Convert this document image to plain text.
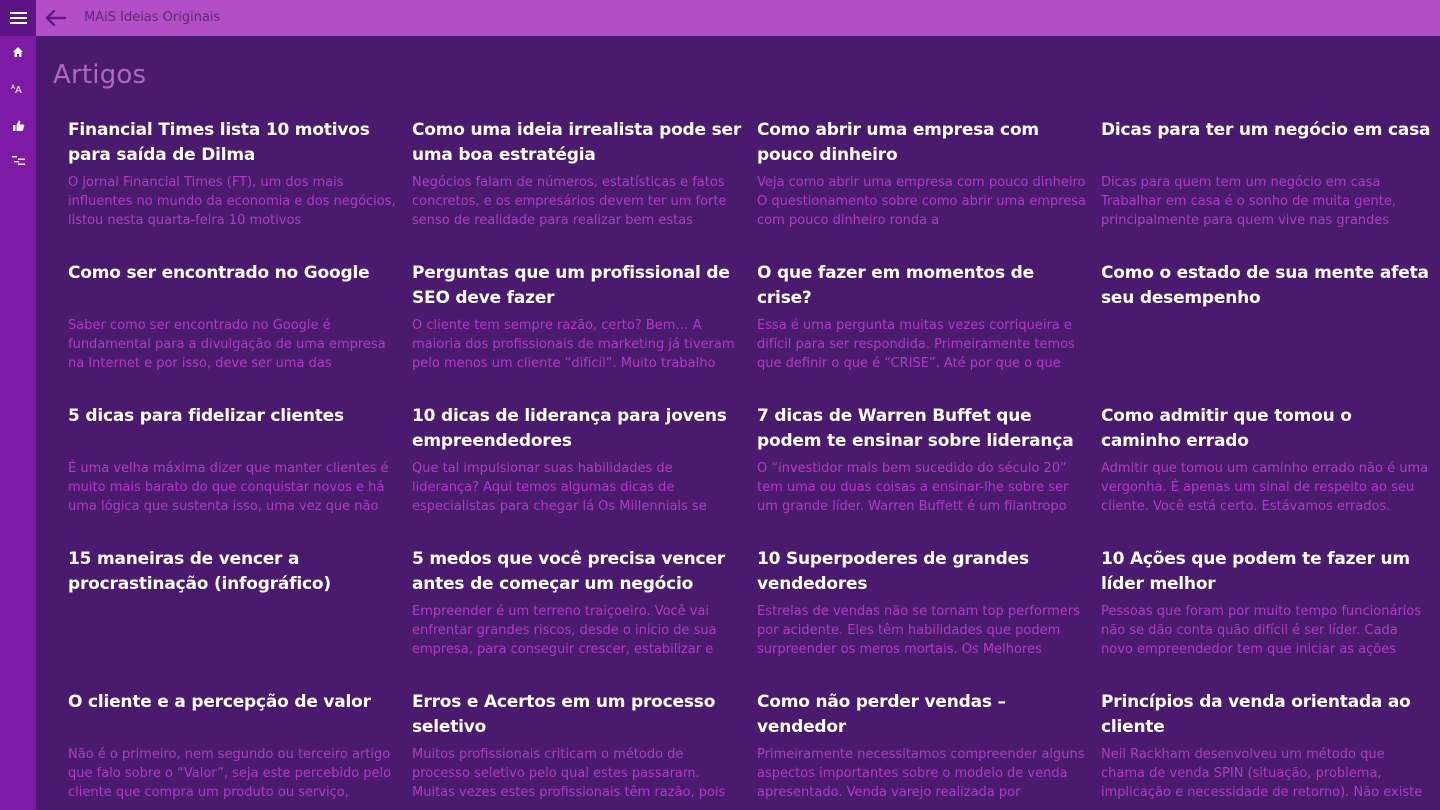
A A
MAiS Ideias Originais
Artigos
Financial Times lista 10 motivos para saída de Dilma
O jornal Financial Times (FT), um dos mais influentes no mundo da economia e dos negócios, listou nesta quarta-feira 10 motivos
Como uma ideia irrealista pode ser uma boa estratégia
Negócios falam de números, estatísticas e fatos concretos, e os empresários devem ter um forte senso de realidade para realizar bem estas
Como abrir uma empresa com pouco dinheiro
Veja como abrir uma empresa com pouco dinheiro O questionamento sobre como abrir uma empresa com pouco dinheiro ronda a
Dicas para ter um negócio em casa
Dicas para quem tem um negócio em casa Trabalhar em casa é o sonho de muita gente, principalmente para quem vive nas grandes
Como ser encontrado no Google
Saber como ser encontrado no Google é fundamental para a divulgação de uma empresa na Internet e por isso, deve ser uma das
Perguntas que um profissional de SEO deve fazer
O cliente tem sempre razão, certo? Bem… A maioria dos profissionais de marketing já tiveram pelo menos um cliente “difícil”. Muito trabalho
O que fazer em momentos de crise?
Essa é uma pergunta muitas vezes corriqueira e difícil para ser respondida. Primeiramente temos que definir o que é “CRISE”. Até por que o que
Como o estado de sua mente afeta seu desempenho
5 dicas para fidelizar clientes
É uma velha máxima dizer que manter clientes é muito mais barato do que conquistar novos e há uma lógica que sustenta isso, uma vez que não
10 dicas de liderança para jovens empreendedores
Que tal impulsionar suas habilidades de liderança? Aqui temos algumas dicas de especialistas para chegar lá Os Millennials se
7 dicas de Warren Buffet que podem te ensinar sobre liderança
O “investidor mais bem sucedido do século 20” tem uma ou duas coisas a ensinar-lhe sobre ser um grande líder. Warren Buffett é um filantropo
Como admitir que tomou o caminho errado
Admitir que tomou um caminho errado não é uma vergonha. É apenas um sinal de respeito ao seu cliente. Você está certo. Estávamos errados.
15 maneiras de vencer a procrastinação (infográfico)
5 medos que você precisa vencer antes de começar um negócio
Empreender é um terreno traiçoeiro. Você vai enfrentar grandes riscos, desde o início de sua empresa, para conseguir crescer, estabilizar e
10 Superpoderes de grandes vendedores
Estrelas de vendas não se tornam top performers por acidente. Eles têm habilidades que podem surpreender os meros mortais. Os Melhores
10 Ações que podem te fazer um líder melhor
Pessoas que foram por muito tempo funcionários não se dão conta quão difícil é ser líder. Cada novo empreendedor tem que iniciar as ações
O cliente e a percepção de valor
Não é o primeiro, nem segundo ou terceiro artigo que falo sobre o “Valor”, seja este percebido pelo cliente que compra um produto ou serviço,
Erros e Acertos em um processo seletivo
Muitos profissionais criticam o método de processo seletivo pelo qual estes passaram. Muitas vezes estes profissionais têm razão, pois
Como não perder vendas – vendedor
Primeiramente necessitamos compreender alguns aspectos importantes sobre o modelo de venda apresentado. Venda varejo realizada por
Princípios da venda orientada ao cliente
Neil Rackham desenvolveu um método que chama de venda SPIN (situação, problema, implicação e necessidade de retorno). Não existe
